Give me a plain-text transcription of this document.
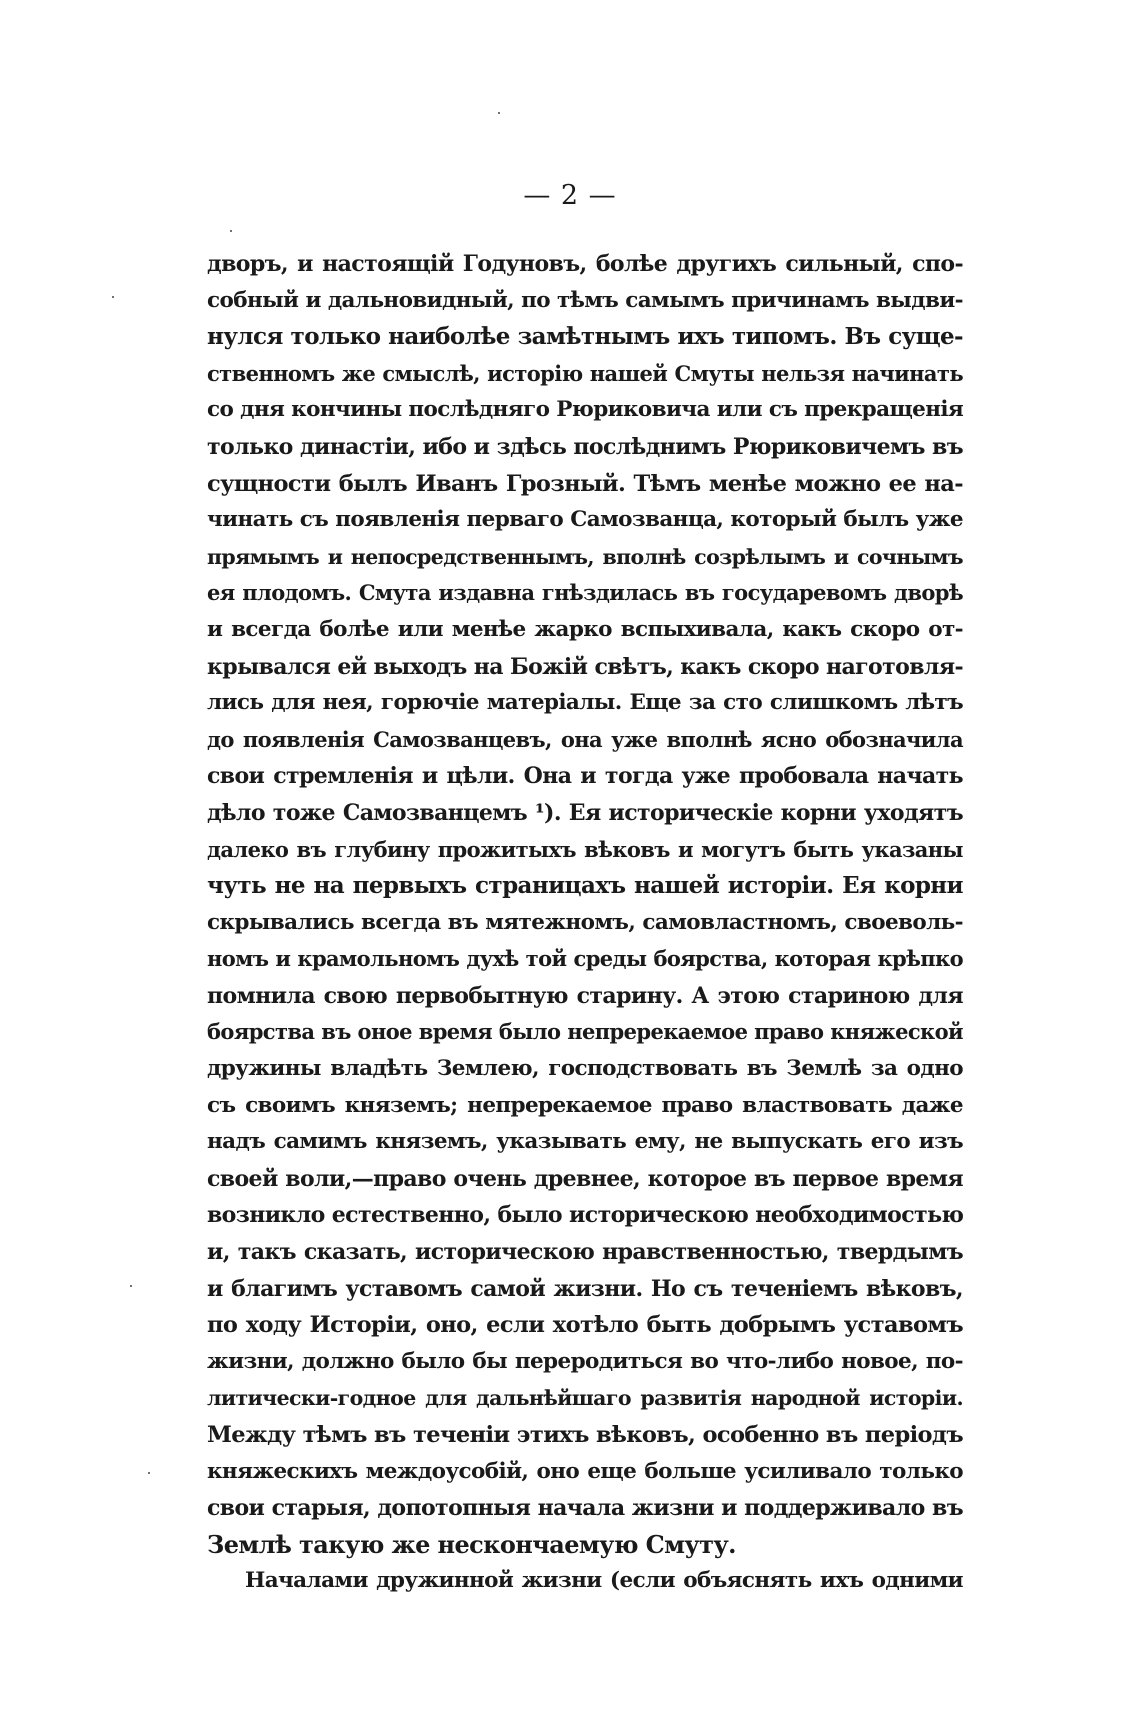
— 2 —
дворъ, и настоящій Годуновъ, болѣе другихъ сильный, спо-
собный и дальновидный, по тѣмъ самымъ причинамъ выдви-
нулся только наиболѣе замѣтнымъ ихъ типомъ. Въ суще-
ственномъ же смыслѣ, исторію нашей Смуты нельзя начинать
со дня кончины послѣдняго Рюриковича или съ прекращенія
только династіи, ибо и здѣсь послѣднимъ Рюриковичемъ въ
сущности былъ Иванъ Грозный. Тѣмъ менѣе можно ее на-
чинать съ появленія перваго Самозванца, который былъ уже
прямымъ и непосредственнымъ, вполнѣ созрѣлымъ и сочнымъ
ея плодомъ. Смута издавна гнѣздилась въ государевомъ дворѣ
и всегда болѣе или менѣе жарко вспыхивала, какъ скоро от-
крывался ей выходъ на Божій свѣтъ, какъ скоро наготовля-
лись для нея, горючіе матеріалы. Еще за сто слишкомъ лѣтъ
до появленія Самозванцевъ, она уже вполнѣ ясно обозначила
свои стремленія и цѣли. Она и тогда уже пробовала начать
дѣло тоже Самозванцемъ ¹). Ея историческіе корни уходятъ
далеко въ глубину прожитыхъ вѣковъ и могутъ быть указаны
чуть не на первыхъ страницахъ нашей исторіи. Ея корни
скрывались всегда въ мятежномъ, самовластномъ, своеволь-
номъ и крамольномъ духѣ той среды боярства, которая крѣпко
помнила свою первобытную старину. А этою стариною для
боярства въ оное время было непререкаемое право княжеской
дружины владѣть Землею, господствовать въ Землѣ за одно
съ своимъ княземъ; непререкаемое право властвовать даже
надъ самимъ княземъ, указывать ему, не выпускать его изъ
своей воли,—право очень древнее, которое въ первое время
возникло естественно, было историческою необходимостью
и, такъ сказать, историческою нравственностью, твердымъ
и благимъ уставомъ самой жизни. Но съ теченіемъ вѣковъ,
по ходу Исторіи, оно, если хотѣло быть добрымъ уставомъ
жизни, должно было бы переродиться во что-либо новое, по-
литически-годное для дальнѣйшаго развитія народной исторіи.
Между тѣмъ въ теченіи этихъ вѣковъ, особенно въ періодъ
княжескихъ междоусобій, оно еще больше усиливало только
свои старыя, допотопныя начала жизни и поддерживало въ
Землѣ такую же нескончаемую Смуту.
Началами дружинной жизни (если объяснять ихъ одними
